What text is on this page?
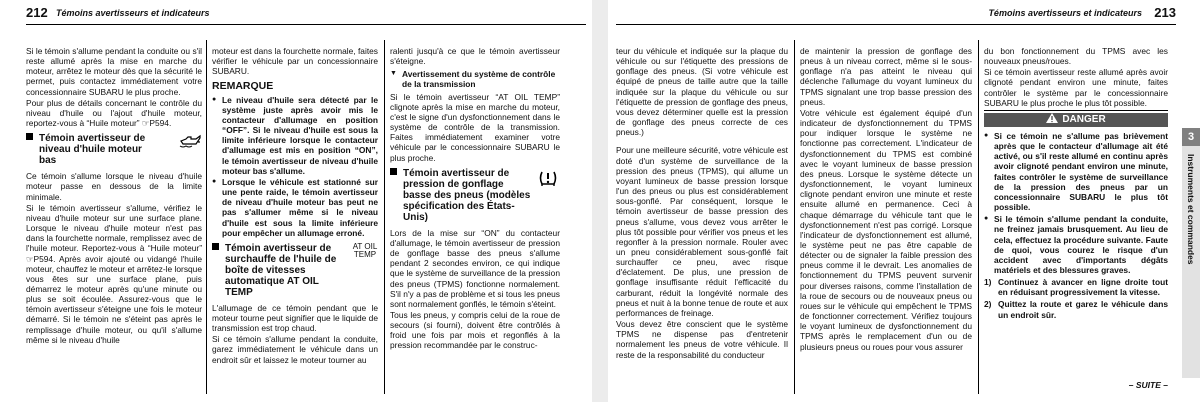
212 Témoins avertisseurs et indicateurs

Si le témoin s'allume pendant la conduite ou s'il reste allumé après la mise en marche du moteur, arrêtez le moteur dès que la sécurité le permet, puis contactez immédiatement votre concessionnaire SUBARU le plus proche.

Pour plus de détails concernant le contrôle du niveau d'huile ou l'ajout d'huile moteur, reportez-vous à “Huile moteur” ☞P594.

Témoin avertisseur de niveau d'huile moteur bas

Ce témoin s'allume lorsque le niveau d'huile moteur passe en dessous de la limite minimale.

Si le témoin avertisseur s'allume, vérifiez le niveau d'huile moteur sur une surface plane. Lorsque le niveau d'huile moteur n'est pas dans la fourchette normale, remplissez avec de l'huile moteur. Reportez-vous à “Huile moteur” ☞P594. Après avoir ajouté ou vidangé l'huile moteur, chauffez le moteur et arrêtez-le lorsque vous êtes sur une surface plane, puis démarrez le moteur après qu'une minute ou plus se soit écoulée. Assurez-vous que le témoin avertisseur s'éteigne une fois le moteur démarré. Si le témoin ne s'éteint pas après le remplissage d'huile moteur, ou qu'il s'allume même si le niveau d'huile

moteur est dans la fourchette normale, faites vérifier le véhicule par un concessionnaire SUBARU.

REMARQUE
● Le niveau d'huile sera détecté par le système juste après avoir mis le contacteur d'allumage en position “OFF”. Si le niveau d'huile est sous la limite inférieure lorsque le contacteur d'allumage est mis en position “ON”, le témoin avertisseur de niveau d'huile moteur bas s'allume.
● Lorsque le véhicule est stationné sur une pente raide, le témoin avertisseur de niveau d'huile moteur bas peut ne pas s'allumer même si le niveau d'huile est sous la limite inférieure pour empêcher un allumage erroné.
Témoin avertisseur de surchauffe de l'huile de boîte de vitesses automatique AT OIL TEMP
AT OIL
TEMP

L'allumage de ce témoin pendant que le moteur tourne peut signifier que le liquide de transmission est trop chaud.

Si ce témoin s'allume pendant la conduite, garez immédiatement le véhicule dans un endroit sûr et laissez le moteur tourner au

ralenti jusqu'à ce que le témoin avertisseur s'éteigne.

▼ Avertissement du système de contrôle de la transmission

Si le témoin avertisseur “AT OIL TEMP” clignote après la mise en marche du moteur, c'est le signe d'un dysfonctionnement dans le système de contrôle de la transmission. Faites immédiatement examiner votre véhicule par le concessionnaire SUBARU le plus proche.

Témoin avertisseur de pression de gonflage basse des pneus (modèles spécification des États-Unis)

Lors de la mise sur “ON” du contacteur d'allumage, le témoin avertisseur de pression de gonflage basse des pneus s'allume pendant 2 secondes environ, ce qui indique que le système de surveillance de la pression des pneus (TPMS) fonctionne normalement. S'il n'y a pas de problème et si tous les pneus sont normalement gonflés, le témoin s'éteint.

Tous les pneus, y compris celui de la roue de secours (si fourni), doivent être contrôlés à froid une fois par mois et regonflés à la pression recommandée par le construc-

Témoins avertisseurs et indicateurs 213

teur du véhicule et indiquée sur la plaque du véhicule ou sur l'étiquette des pressions de gonflage des pneus. (Si votre véhicule est équipé de pneus de taille autre que la taille indiquée sur la plaque du véhicule ou sur l'étiquette de pression de gonflage des pneus, vous devez déterminer quelle est la pression de gonflage des pneus correcte de ces pneus.)

Pour une meilleure sécurité, votre véhicule est doté d'un système de surveillance de la pression des pneus (TPMS), qui allume un voyant lumineux de basse pression lorsque l'un des pneus ou plus est considérablement sous-gonflé. Par conséquent, lorsque le témoin avertisseur de basse pression des pneus s'allume, vous devez vous arrêter le plus tôt possible pour vérifier vos pneus et les regonfler à la pression normale. Rouler avec un pneu considérablement sous-gonflé fait surchauffer ce pneu, avec risque d'éclatement. De plus, une pression de gonflage insuffisante réduit l'efficacité du carburant, réduit la longévité normale des pneus et nuit à la bonne tenue de route et aux performances de freinage.

Vous devez être conscient que le système TPMS ne dispense pas d'entretenir normalement les pneus de votre véhicule. Il reste de la responsabilité du conducteur

de maintenir la pression de gonflage des pneus à un niveau correct, même si le sous-gonflage n'a pas atteint le niveau qui déclenche l'allumage du voyant lumineux du TPMS signalant une trop basse pression des pneus.

Votre véhicule est également équipé d'un indicateur de dysfonctionnement du TPMS pour indiquer lorsque le système ne fonctionne pas correctement. L'indicateur de dysfonctionnement du TPMS est combiné avec le voyant lumineux de basse pression des pneus. Lorsque le système détecte un dysfonctionnement, le voyant lumineux clignote pendant environ une minute et reste ensuite allumé en permanence. Ceci à chaque démarrage du véhicule tant que le dysfonctionnement n'est pas corrigé. Lorsque l'indicateur de dysfonctionnement est allumé, le système peut ne pas être capable de détecter ou de signaler la faible pression des pneus comme il le devrait. Les anomalies de fonctionnement du TPMS peuvent survenir pour diverses raisons, comme l'installation de la roue de secours ou de nouveaux pneus ou roues sur le véhicule qui empêchent le TPMS de fonctionner correctement. Vérifiez toujours le voyant lumineux de dysfonctionnement du TPMS après le remplacement d'un ou de plusieurs pneus ou roues pour vous assurer

du bon fonctionnement du TPMS avec les nouveaux pneus/roues.

Si ce témoin avertisseur reste allumé après avoir clignoté pendant environ une minute, faites contrôler le système par le concessionnaire SUBARU le plus proche le plus tôt possible.

DANGER

● Si ce témoin ne s'allume pas brièvement après que le contacteur d'allumage ait été activé, ou s'il reste allumé en continu après avoir clignoté pendant environ une minute, faites contrôler le système de surveillance de la pression des pneus par un concessionnaire SUBARU le plus tôt possible.

● Si le témoin s'allume pendant la conduite, ne freinez jamais brusquement. Au lieu de cela, effectuez la procédure suivante. Faute de quoi, vous courez le risque d'un accident avec d'importants dégâts matériels et des blessures graves.

1) Continuez à avancer en ligne droite tout en réduisant progressivement la vitesse.

2) Quittez la route et garez le véhicule dans un endroit sûr.

3
Instruments et commandes
– SUITE –
